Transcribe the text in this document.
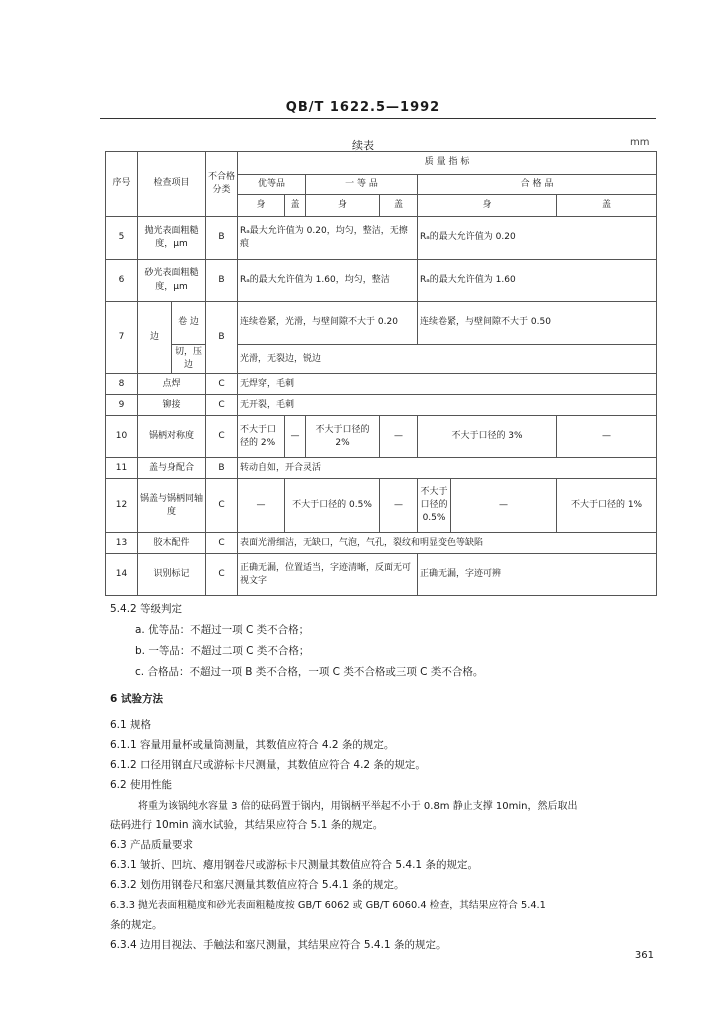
QB/T 1622.5—1992
续表	mm
序号	检查项目		不合格分类	质 量 指 标						
				优等品		一 等 品		合 格 品		
				身	盖	身	盖	身		盖
5	抛光表面粗糙度，μm		B	Rₐ最大允许值为 0.20，均匀，整洁，无擦痕				Rₐ的最大允许值为 0.20		
6	砂光表面粗糙度，μm		B	Rₐ的最大允许值为 1.60，均匀，整洁				Rₐ的最大允许值为 1.60		
7	边	卷 边	B	连续卷紧，光滑，与壁间隙不大于 0.20				连续卷紧，与壁间隙不大于 0.50		
		切，压边		光滑，无裂边，锐边						
8	点焊		C	无焊穿，毛刺						
9	铆接		C	无开裂，毛刺						
10	锅柄对称度		C	不大于口径的 2%	—	不大于口径的 2%	—	不大于口径的 3%		—
11	盖与身配合		B	转动自如，开合灵活						
12	锅盖与锅柄同轴度		C	—	不大于口径的 0.5%		—	不大于口径的 0.5%	—	不大于口径的 1%
13	胶木配件		C	表面光滑细洁，无缺口，气泡，气孔，裂纹和明显变色等缺陷						
14	识别标记		C	正确无漏，位置适当，字迹清晰，反面无可视文字				正确无漏，字迹可辨		
5.4.2 等级判定
a. 优等品：不超过一项 C 类不合格；
b. 一等品：不超过二项 C 类不合格；
c. 合格品：不超过一项 B 类不合格，一项 C 类不合格或三项 C 类不合格。
6 试验方法
6.1 规格
6.1.1 容量用量杯或量筒测量，其数值应符合 4.2 条的规定。
6.1.2 口径用钢直尺或游标卡尺测量，其数值应符合 4.2 条的规定。
6.2 使用性能
将重为该锅纯水容量 3 倍的砝码置于锅内，用锅柄平举起不小于 0.8m 静止支撑 10min，然后取出
砝码进行 10min 滴水试验，其结果应符合 5.1 条的规定。
6.3 产品质量要求
6.3.1 皱折、凹坑、瘪用钢卷尺或游标卡尺测量其数值应符合 5.4.1 条的规定。
6.3.2 划伤用钢卷尺和塞尺测量其数值应符合 5.4.1 条的规定。
6.3.3 抛光表面粗糙度和砂光表面粗糙度按 GB/T 6062 或 GB/T 6060.4 检查，其结果应符合 5.4.1
条的规定。
6.3.4 边用目视法、手触法和塞尺测量，其结果应符合 5.4.1 条的规定。
361
